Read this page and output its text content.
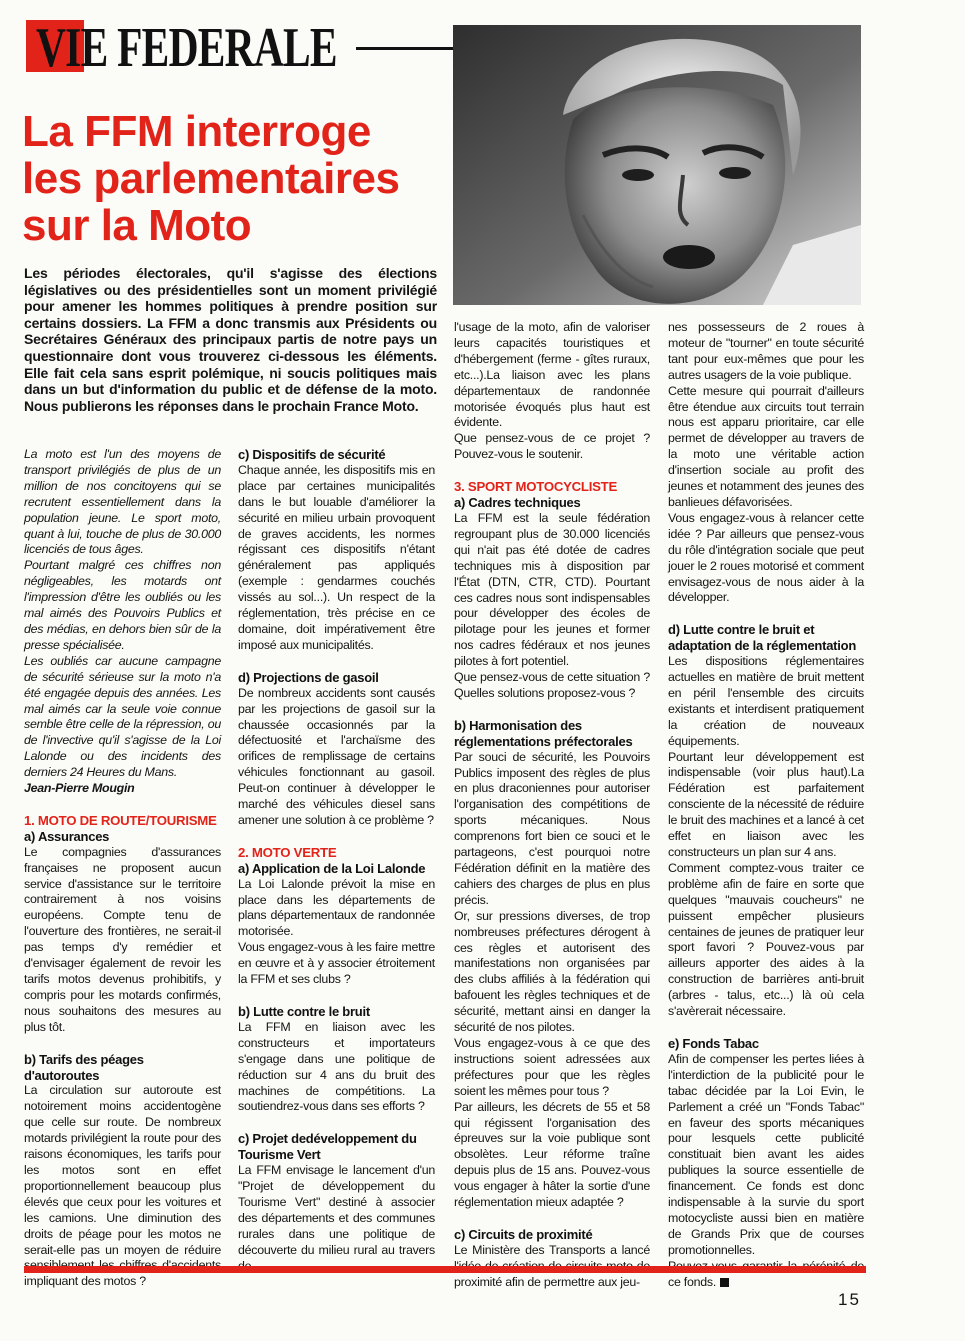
VIE FEDERALE
La FFM interroge
les parlementaires
sur la Moto

Les périodes électorales, qu'il s'agisse des élections législatives ou des présidentielles sont un moment privilégié pour amener les hommes politiques à prendre position sur certains dossiers. La FFM a donc transmis aux Présidents ou Secrétaires Généraux des principaux partis de notre pays un questionnaire dont vous trouverez ci-dessous les éléments. Elle fait cela sans esprit polémique, ni soucis politiques mais dans un but d'information du public et de défense de la moto. Nous publierons les réponses dans le prochain France Moto.

La moto est l'un des moyens de transport privilégiés de plus de un million de nos concitoyens qui se recrutent essentiellement dans la population jeune. Le sport moto, quant à lui, touche de plus de 30.000 licenciés de tous âges.

Pourtant malgré ces chiffres non négligeables, les motards ont l'impression d'être les oubliés ou les mal aimés des Pouvoirs Publics et des médias, en dehors bien sûr de la presse spécialisée.

Les oubliés car aucune campagne de sécurité sérieuse sur la moto n'a été engagée depuis des années. Les mal aimés car la seule voie connue semble être celle de la répression, ou de l'invective qu'il s'agisse de la Loi Lalonde ou des incidents des derniers 24 Heures du Mans.

Jean-Pierre Mougin

1. MOTO DE ROUTE/TOURISME
a) Assurances

Le compagnies d'assurances françaises ne proposent aucun service d'assistance sur le territoire contrairement à nos voisins européens. Compte tenu de l'ouverture des frontières, ne serait-il pas temps d'y remédier et d'envisager également de revoir les tarifs motos devenus prohibitifs, y compris pour les motards confirmés, nous souhaitons des mesures au plus tôt.

b) Tarifs des péages d'autoroutes

La circulation sur autoroute est notoirement moins accidentogène que celle sur route. De nombreux motards privilégient la route pour des raisons économiques, les tarifs pour les motos sont en effet proportionnellement beaucoup plus élevés que ceux pour les voitures et les camions. Une diminution des droits de péage pour les motos ne serait-elle pas un moyen de réduire impliquant des motos ?

c) Dispositifs de sécurité

Chaque année, les dispositifs mis en place par certaines municipalités dans le but louable d'améliorer la sécurité en milieu urbain provoquent de graves accidents, les normes régissant ces dispositifs n'étant généralement pas appliqués (exemple : gendarmes couchés vissés au sol...). Un respect de la réglementation, très précise en ce domaine, doit impérativement être imposé aux municipalités.

d) Projections de gasoil

De nombreux accidents sont causés par les projections de gasoil sur la chaussée occasionnés par la défectuosité et l'archaïsme des orifices de remplissage de certains véhicules fonctionnant au gasoil. Peut-on continuer à développer le marché des véhicules diesel sans amener une solution à ce problème ?

2. MOTO VERTE
a) Application de la Loi Lalonde

La Loi Lalonde prévoit la mise en place dans les départements de plans départementaux de randonnée motorisée.

Vous engagez-vous à les faire mettre en œuvre et à y associer étroitement la FFM et ses clubs ?

b) Lutte contre le bruit

La FFM en liaison avec les constructeurs et importateurs s'engage dans une politique de réduction sur 4 ans du bruit des machines de compétitions. La soutiendrez-vous dans ses efforts ?

c) Projet dedéveloppement du Tourisme Vert

La FFM envisage le lancement d'un "Projet de développement du Tourisme Vert" destiné à associer des départements et des communes rurales dans une politique de découverte du milieu rural au travers

l'usage de la moto, afin de valoriser leurs capacités touristiques et d'hébergement (ferme - gîtes ruraux, etc...).La liaison avec les plans départementaux de randonnée motorisée évoqués plus haut est évidente.

Que pensez-vous de ce projet ? Pouvez-vous le soutenir.

3. SPORT MOTOCYCLISTE
a) Cadres techniques

La FFM est la seule fédération regroupant plus de 30.000 licenciés qui n'ait pas été dotée de cadres techniques mis à disposition par l'État (DTN, CTR, CTD). Pourtant ces cadres nous sont indispensables pour développer des écoles de pilotage pour les jeunes et former nos cadres fédéraux et nos jeunes pilotes à fort potentiel.

Que pensez-vous de cette situation ? Quelles solutions proposez-vous ?

b) Harmonisation des réglementations préfectorales

Par souci de sécurité, les Pouvoirs Publics imposent des règles de plus en plus draconiennes pour autoriser l'organisation des compétitions de sports mécaniques. Nous comprenons fort bien ce souci et le partageons, c'est pourquoi notre Fédération définit en la matière des cahiers des charges de plus en plus précis.

Or, sur pressions diverses, de trop nombreuses préfectures dérogent à ces règles et autorisent des manifestations non organisées par des clubs affiliés à la fédération qui bafouent les règles techniques et de sécurité, mettant ainsi en danger la sécurité de nos pilotes.

Vous engagez-vous à ce que des instructions soient adressées aux préfectures pour que les règles soient les mêmes pour tous ?

Par ailleurs, les décrets de 55 et 58 qui régissent l'organisation des épreuves sur la voie publique sont obsolètes. Leur réforme traîne depuis plus de 15 ans. Pouvez-vous vous engager à hâter la sortie d'une réglementation mieux adaptée ?

c) Circuits de proximité

Le Ministère des Transports a lancé proximité afin de permettre aux jeu-

nes possesseurs de 2 roues à moteur de "tourner" en toute sécurité tant pour eux-mêmes que pour les autres usagers de la voie publique.

Cette mesure qui pourrait d'ailleurs être étendue aux circuits tout terrain nous est apparu prioritaire, car elle permet de développer au travers de la moto une véritable action d'insertion sociale au profit des jeunes et notamment des jeunes des banlieues défavorisées.

Vous engagez-vous à relancer cette idée ? Par ailleurs que pensez-vous du rôle d'intégration sociale que peut jouer le 2 roues motorisé et comment envisagez-vous de nous aider à la développer.

d) Lutte contre le bruit et adaptation de la réglementation

Les dispositions réglementaires actuelles en matière de bruit mettent en péril l'ensemble des circuits existants et interdisent pratiquement la création de nouveaux équipements.

Pourtant leur développement est indispensable (voir plus haut).La Fédération est parfaitement consciente de la nécessité de réduire le bruit des machines et a lancé à cet effet en liaison avec les constructeurs un plan sur 4 ans.

Comment comptez-vous traiter ce problème afin de faire en sorte que quelques "mauvais coucheurs" ne puissent empêcher plusieurs centaines de jeunes de pratiquer leur sport favori ? Pouvez-vous par ailleurs apporter des aides à la construction de barrières anti-bruit (arbres - talus, etc...) là où cela s'avèrerait nécessaire.

e) Fonds Tabac

Afin de compenser les pertes liées à l'interdiction de la publicité pour le tabac décidée par la Loi Evin, le Parlement a créé un "Fonds Tabac" en faveur des sports mécaniques pour lesquels cette publicité constituait bien avant les aides publiques la source essentielle de financement. Ce fonds est donc indispensable à la survie du sport motocycliste aussi bien en matière de Grands Prix que de courses promotionnelles.

ce fonds.

15
